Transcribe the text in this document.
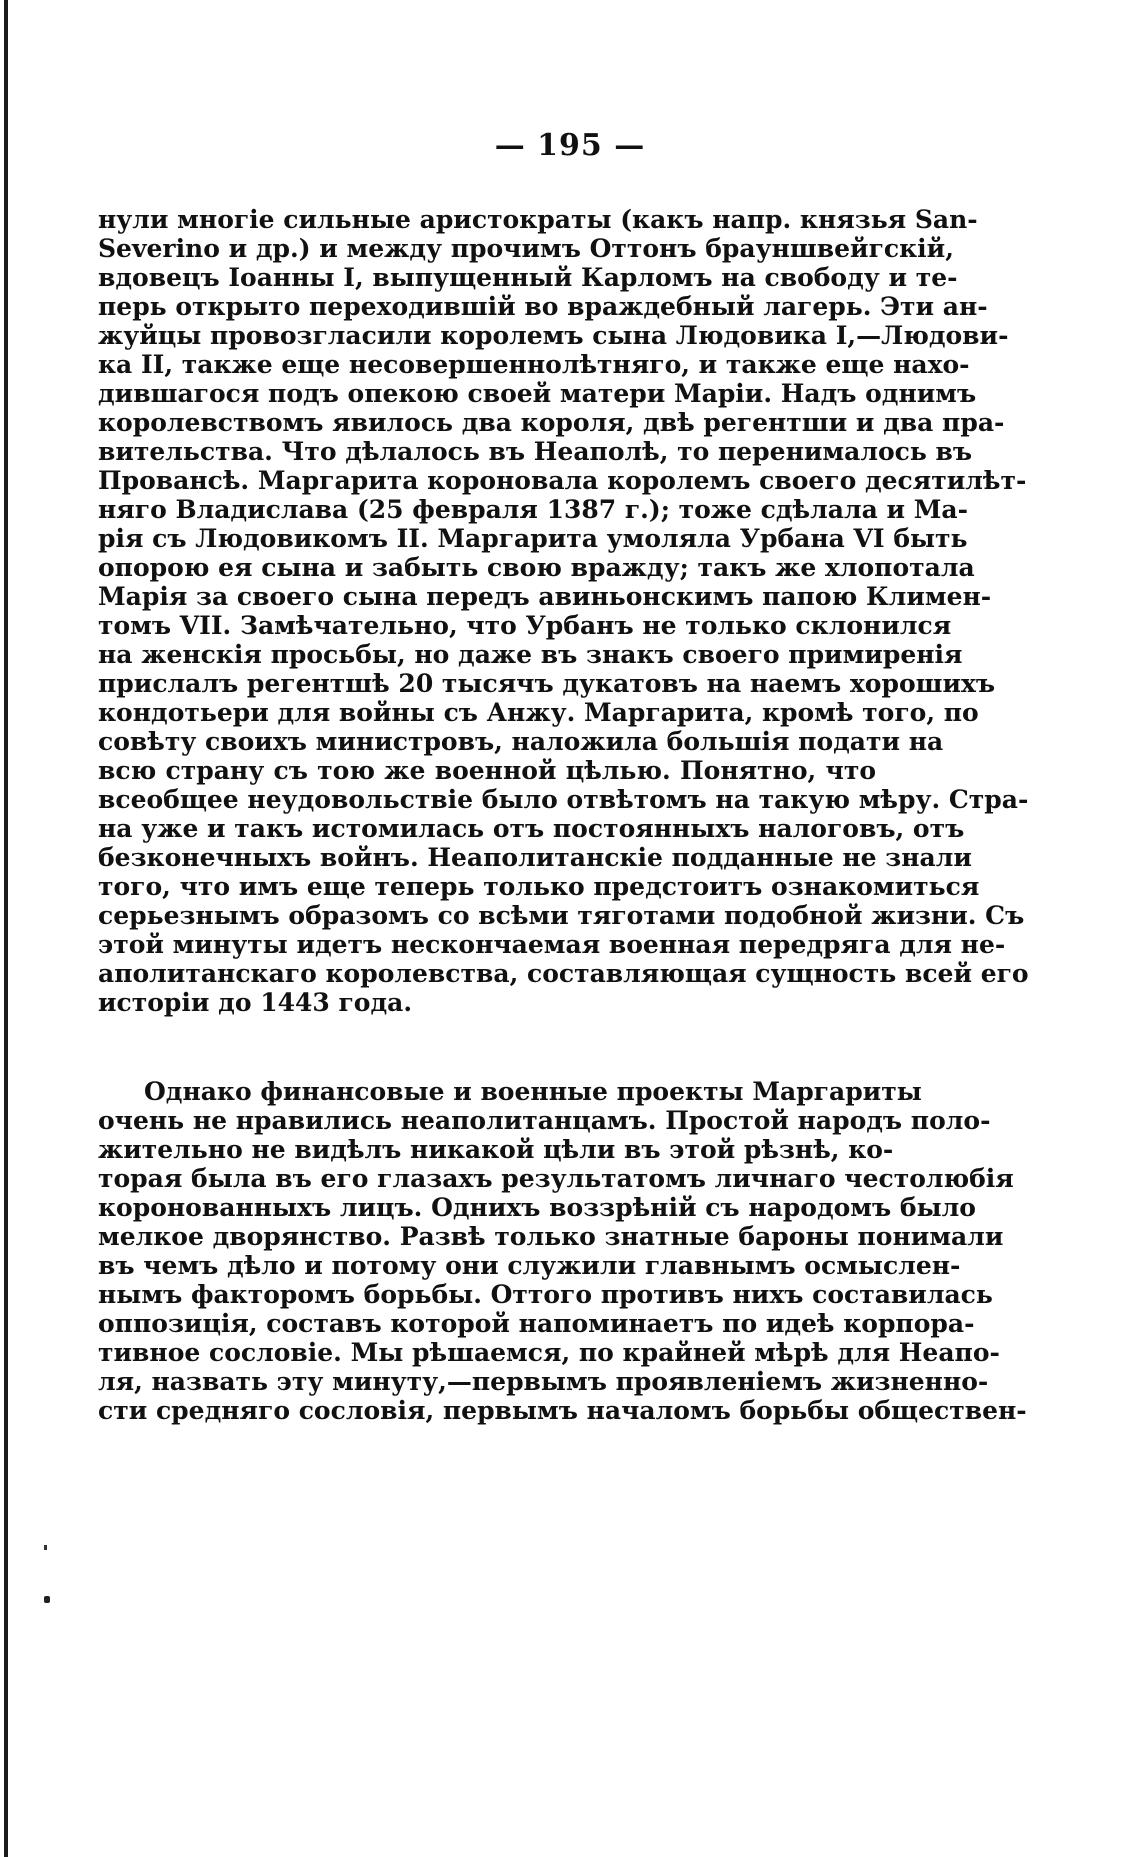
— 195 —
нули многіе сильные аристократы (какъ напр. князья San-
Severino и др.) и между прочимъ Оттонъ брауншвейгскій,
вдовецъ Іоанны I, выпущенный Карломъ на свободу и те-
перь открыто переходившій во враждебный лагерь. Эти ан-
жуйцы провозгласили королемъ сына Людовика I,—Людови-
ка II, также еще несовершеннолѣтняго, и также еще нахо-
дившагося подъ опекою своей матери Маріи. Надъ однимъ
королевствомъ явилось два короля, двѣ регентши и два пра-
вительства. Что дѣлалось въ Неаполѣ, то перенималось въ
Провансѣ. Маргарита короновала королемъ своего десятилѣт-
няго Владислава (25 февраля 1387 г.); тоже сдѣлала и Ма-
рія съ Людовикомъ II. Маргарита умоляла Урбана VI быть
опорою ея сына и забыть свою вражду; такъ же хлопотала
Марія за своего сына передъ авиньонскимъ папою Климен-
томъ VII. Замѣчательно, что Урбанъ не только склонился
на женскія просьбы, но даже въ знакъ своего примиренія
прислалъ регентшѣ 20 тысячъ дукатовъ на наемъ хорошихъ
кондотьери для войны съ Анжу. Маргарита, кромѣ того, по
совѣту своихъ министровъ, наложила большія подати на
всю страну съ тою же военной цѣлью. Понятно, что
всеобщее неудовольствіе было отвѣтомъ на такую мѣру. Стра-
на уже и такъ истомилась отъ постоянныхъ налоговъ, отъ
безконечныхъ войнъ. Неаполитанскіе подданные не знали
того, что имъ еще теперь только предстоитъ ознакомиться
серьезнымъ образомъ со всѣми тяготами подобной жизни. Съ
этой минуты идетъ нескончаемая военная передряга для не-
аполитанскаго королевства, составляющая сущность всей его
исторіи до 1443 года.
Однако финансовые и военные проекты Маргариты
очень не нравились неаполитанцамъ. Простой народъ поло-
жительно не видѣлъ никакой цѣли въ этой рѣзнѣ, ко-
торая была въ его глазахъ результатомъ личнаго честолюбія
коронованныхъ лицъ. Однихъ воззрѣній съ народомъ было
мелкое дворянство. Развѣ только знатные бароны понимали
въ чемъ дѣло и потому они служили главнымъ осмыслен-
нымъ факторомъ борьбы. Оттого противъ нихъ составилась
оппозиція, составъ которой напоминаетъ по идеѣ корпора-
тивное сословіе. Мы рѣшаемся, по крайней мѣрѣ для Неапо-
ля, назвать эту минуту,—первымъ проявленіемъ жизненно-
сти средняго сословія, первымъ началомъ борьбы обществен-
